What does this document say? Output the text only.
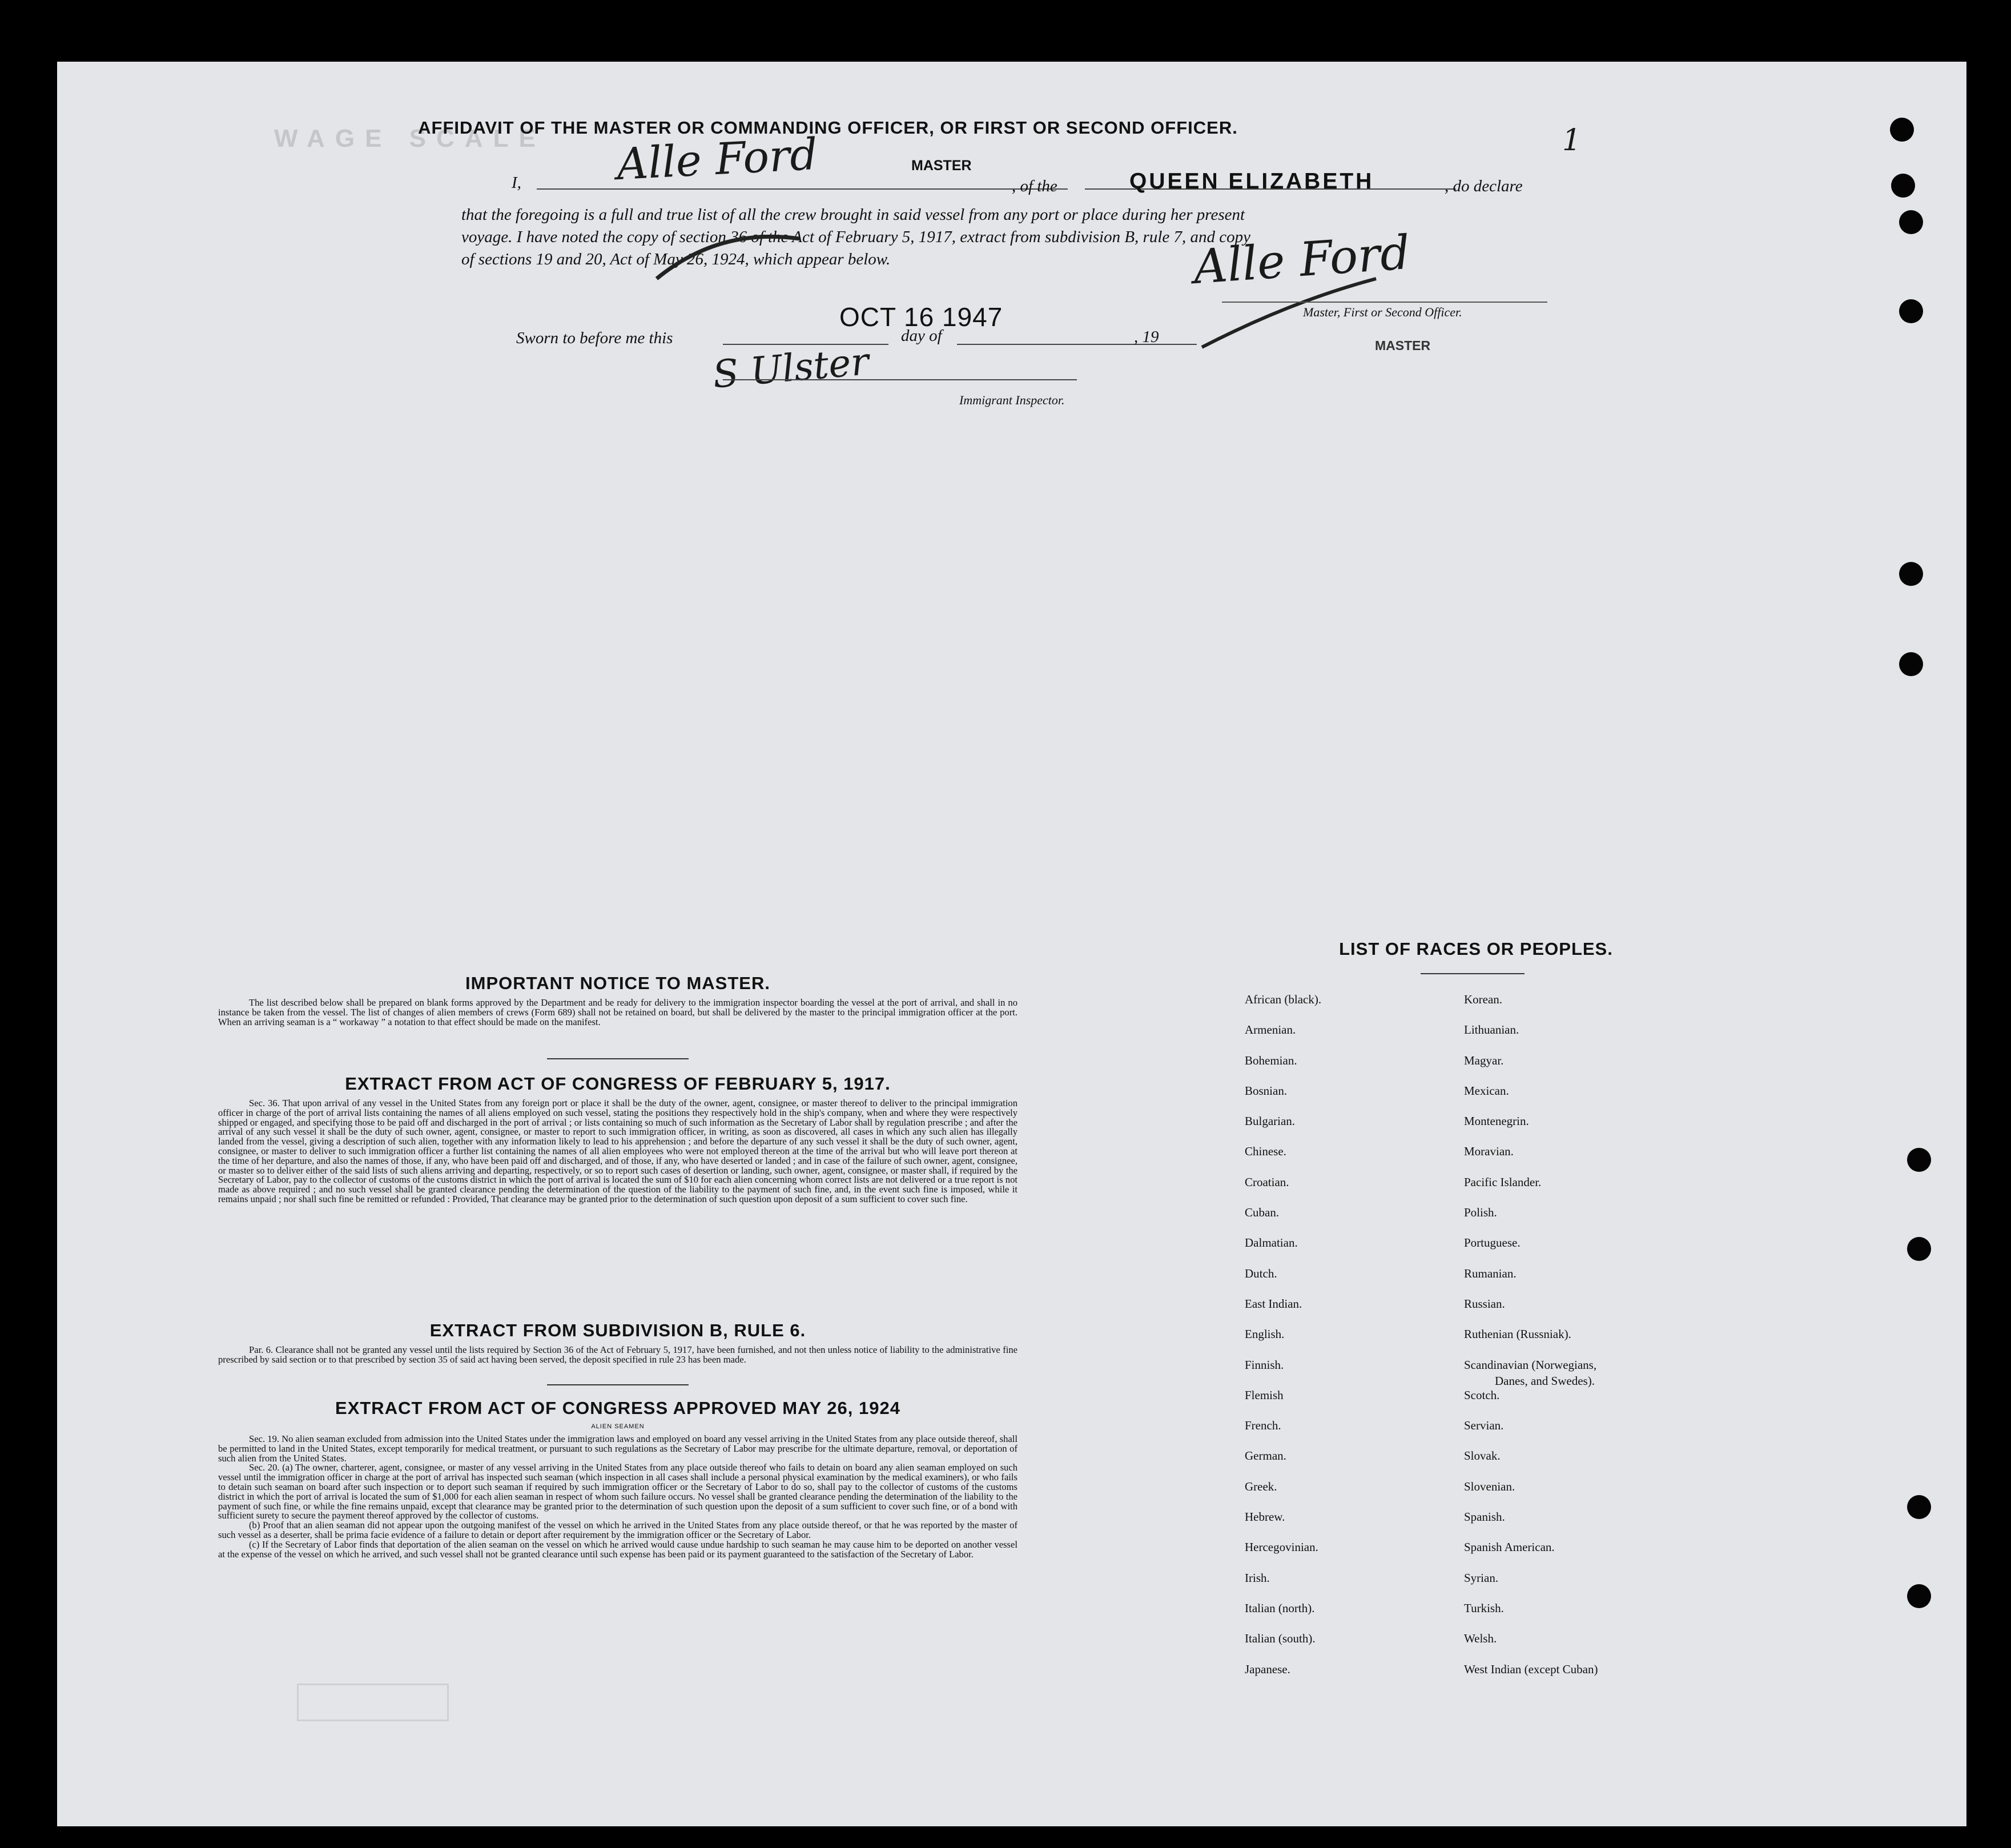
WAGE SCALE	1
AFFIDAVIT OF THE MASTER OR COMMANDING OFFICER, OR FIRST OR SECOND OFFICER.
I, Alle Ford	MASTER
, of the	QUEEN ELIZABETH	, do declare
that the foregoing is a full and true list of all the crew brought in said vessel from any port or place during her present
voyage. I have noted the copy of section 36 of the Act of February 5, 1917, extract from subdivision B, rule 7, and copy
of sections 19 and 20, Act of May 26, 1924, which appear below.	Alle Ford
Master, First or Second Officer.
MASTER
Sworn to before me this
OCT 16 1947
day of	, 19
S Ulster
Immigrant Inspector.
IMPORTANT NOTICE TO MASTER.
The list described below shall be prepared on blank forms approved by the Department and be ready for delivery to the immigration inspector boarding the vessel at the port of arrival, and shall in no instance be taken from the vessel. The list of changes of alien members of crews (Form 689) shall not be retained on board, but shall be delivered by the master to the principal immigration officer at the port. When an arriving seaman is a “ workaway ” a notation to that effect should be made on the manifest.
EXTRACT FROM ACT OF CONGRESS OF FEBRUARY 5, 1917.
Sec. 36. That upon arrival of any vessel in the United States from any foreign port or place it shall be the duty of the owner, agent, consignee, or master thereof to deliver to the principal immigration officer in charge of the port of arrival lists containing the names of all aliens employed on such vessel, stating the positions they respectively hold in the ship's company, when and where they were respectively shipped or engaged, and specifying those to be paid off and discharged in the port of arrival ; or lists containing so much of such information as the Secretary of Labor shall by regulation prescribe ; and after the arrival of any such vessel it shall be the duty of such owner, agent, consignee, or master to report to such immigration officer, in writing, as soon as discovered, all cases in which any such alien has illegally landed from the vessel, giving a description of such alien, together with any information likely to lead to his apprehension ; and before the departure of any such vessel it shall be the duty of such owner, agent, consignee, or master to deliver to such immigration officer a further list containing the names of all alien employees who were not employed thereon at the time of the arrival but who will leave port thereon at the time of her departure, and also the names of those, if any, who have been paid off and discharged, and of those, if any, who have deserted or landed ; and in case of the failure of such owner, agent, consignee, or master so to deliver either of the said lists of such aliens arriving and departing, respectively, or so to report such cases of desertion or landing, such owner, agent, consignee, or master shall, if required by the Secretary of Labor, pay to the collector of customs of the customs district in which the port of arrival is located the sum of $10 for each alien concerning whom correct lists are not delivered or a true report is not made as above required ; and no such vessel shall be granted clearance pending the determination of the question of the liability to the payment of such fine, and, in the event such fine is imposed, while it remains unpaid ; nor shall such fine be remitted or refunded : Provided, That clearance may be granted prior to the determination of such question upon deposit of a sum sufficient to cover such fine.
EXTRACT FROM SUBDIVISION B, RULE 6.
Par. 6. Clearance shall not be granted any vessel until the lists required by Section 36 of the Act of February 5, 1917, have been furnished, and not then unless notice of liability to the administrative fine prescribed by said section or to that prescribed by section 35 of said act having been served, the deposit specified in rule 23 has been made.
EXTRACT FROM ACT OF CONGRESS APPROVED MAY 26, 1924
ALIEN SEAMEN

Sec. 19. No alien seaman excluded from admission into the United States under the immigration laws and employed on board any vessel arriving in the United States from any place outside thereof, shall be permitted to land in the United States, except temporarily for medical treatment, or pursuant to such regulations as the Secretary of Labor may prescribe for the ultimate departure, removal, or deportation of such alien from the United States.

Sec. 20. (a) The owner, charterer, agent, consignee, or master of any vessel arriving in the United States from any place outside thereof who fails to detain on board any alien seaman employed on such vessel until the immigration officer in charge at the port of arrival has inspected such seaman (which inspection in all cases shall include a personal physical examination by the medical examiners), or who fails to detain such seaman on board after such inspection or to deport such seaman if required by such immigration officer or the Secretary of Labor to do so, shall pay to the collector of customs of the customs district in which the port of arrival is located the sum of $1,000 for each alien seaman in respect of whom such failure occurs. No vessel shall be granted clearance pending the determination of the liability to the payment of such fine, or while the fine remains unpaid, except that clearance may be granted prior to the determination of such question upon the deposit of a sum sufficient to cover such fine, or of a bond with sufficient surety to secure the payment thereof approved by the collector of customs.

(b) Proof that an alien seaman did not appear upon the outgoing manifest of the vessel on which he arrived in the United States from any place outside thereof, or that he was reported by the master of such vessel as a deserter, shall be prima facie evidence of a failure to detain or deport after requirement by the immigration officer or the Secretary of Labor.

(c) If the Secretary of Labor finds that deportation of the alien seaman on the vessel on which he arrived would cause undue hardship to such seaman he may cause him to be deported on another vessel at the expense of the vessel on which he arrived, and such vessel shall not be granted clearance until such expense has been paid or its payment guaranteed to the satisfaction of the Secretary of Labor.

LIST OF RACES OR PEOPLES.
African (black).
Armenian.
Bohemian.
Bosnian.
Bulgarian.
Chinese.
Croatian.
Cuban.
Dalmatian.
Dutch.
East Indian.
English.
Finnish.
Flemish
French.
German.
Greek.
Hebrew.
Hercegovinian.
Irish.
Italian (north).
Italian (south).
Japanese.
Korean.
Lithuanian.
Magyar.
Mexican.
Montenegrin.
Moravian.
Pacific Islander.
Polish.
Portuguese.
Rumanian.
Russian.
Ruthenian (Russniak).
Scandinavian (Norwegians,
Scotch.
Servian.
Slovak.
Slovenian.
Spanish.
Spanish American.
Syrian.
Turkish.
Welsh.
West Indian (except Cuban)
Danes, and Swedes).
